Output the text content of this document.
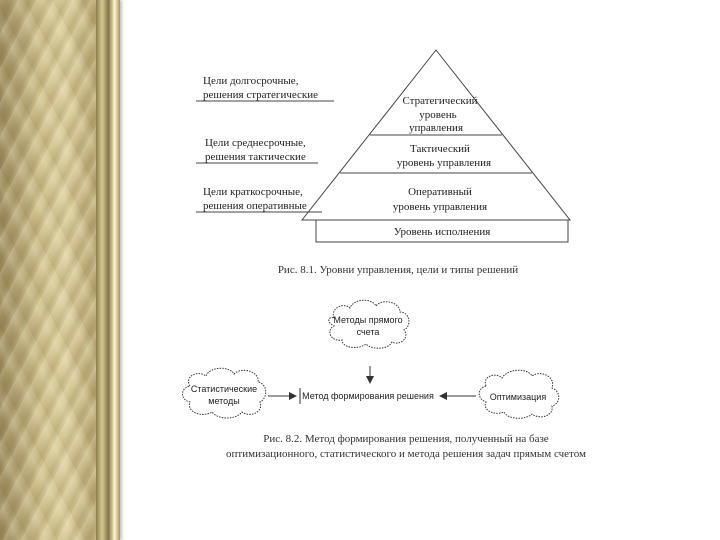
Стратегический
уровень
управления
Тактический
уровень управления
Оперативный
уровень управления
Уровень исполнения
Цели долгосрочные,
решения стратегические
Цели среднесрочные,
решения тактические
Цели краткосрочные,
решения оперативные
Рис. 8.1. Уровни управления, цели и типы решений
Методы прямого
счета
Статистические
методы	Оптимизация
Метод формирования решения
Рис. 8.2. Метод формирования решения, полученный на базе
оптимизационного, статистического и метода решения задач прямым счетом
